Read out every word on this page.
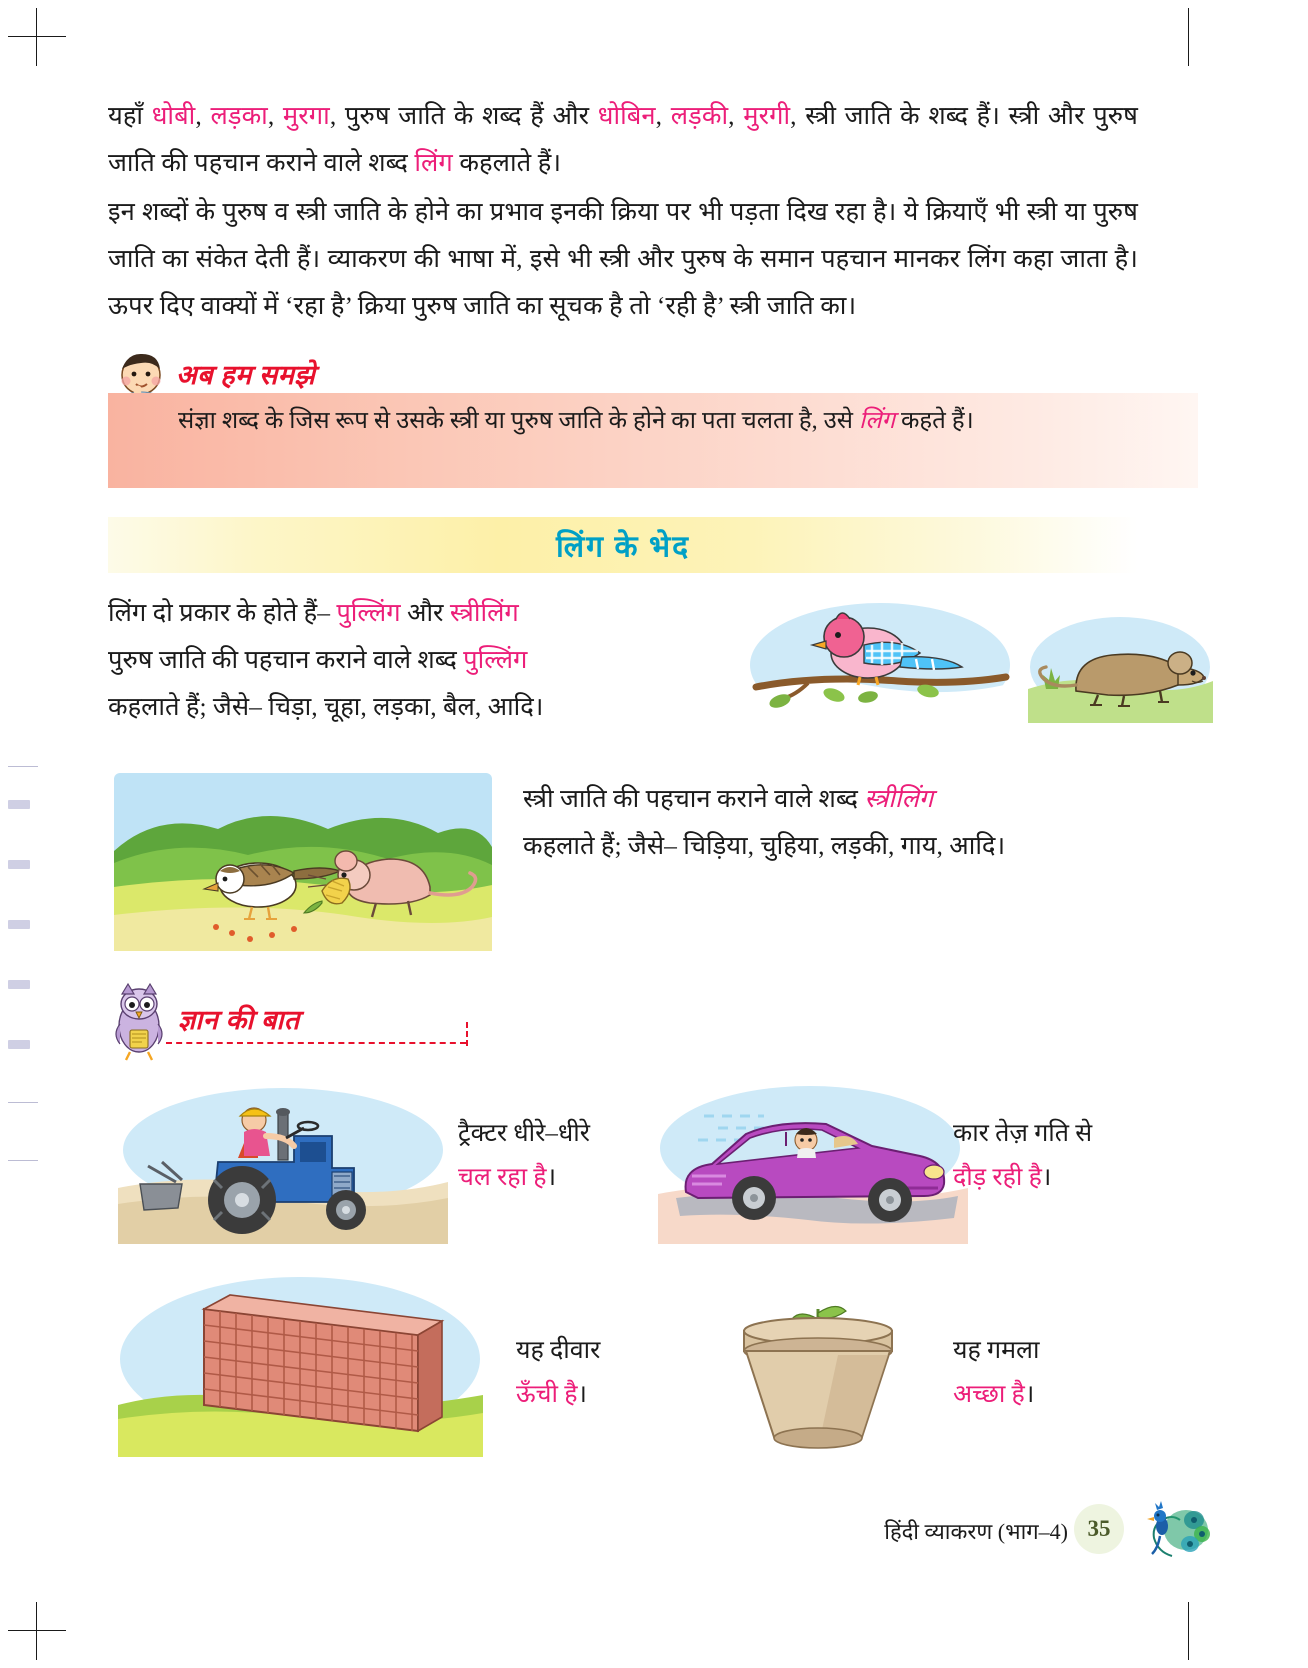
यहाँ धोबी, लड़का, मुरगा, पुरुष जाति के शब्द हैं और धोबिन, लड़की, मुरगी, स्त्री जाति के शब्द हैं। स्त्री और पुरुष जाति की पहचान कराने वाले शब्द लिंग कहलाते हैं।
इन शब्दों के पुरुष व स्त्री जाति के होने का प्रभाव इनकी क्रिया पर भी पड़ता दिख रहा है। ये क्रियाएँ भी स्त्री या पुरुष जाति का संकेत देती हैं। व्याकरण की भाषा में, इसे भी स्त्री और पुरुष के समान पहचान मानकर लिंग कहा जाता है। ऊपर दिए वाक्यों में ‘रहा है’ क्रिया पुरुष जाति का सूचक है तो ‘रही है’ स्त्री जाति का।
अब हम समझे
संज्ञा शब्द के जिस रूप से उसके स्त्री या पुरुष जाति के होने का पता चलता है, उसे लिंग कहते हैं।
लिंग के भेद
लिंग दो प्रकार के होते हैं– पुल्लिंग और स्त्रीलिंग
पुरुष जाति की पहचान कराने वाले शब्द पुल्लिंग
कहलाते हैं; जैसे– चिड़ा, चूहा, लड़का, बैल, आदि।
स्त्री जाति की पहचान कराने वाले शब्द स्त्रीलिंग
कहलाते हैं; जैसे– चिड़िया, चुहिया, लड़की, गाय, आदि।
ज्ञान की बात
ट्रैक्टर धीरे–धीरे
चल रहा है।
कार तेज़ गति से
दौड़ रही है।
यह दीवार
ऊँची है।
यह गमला
अच्छा है।
हिंदी व्याकरण (भाग–4) 35
